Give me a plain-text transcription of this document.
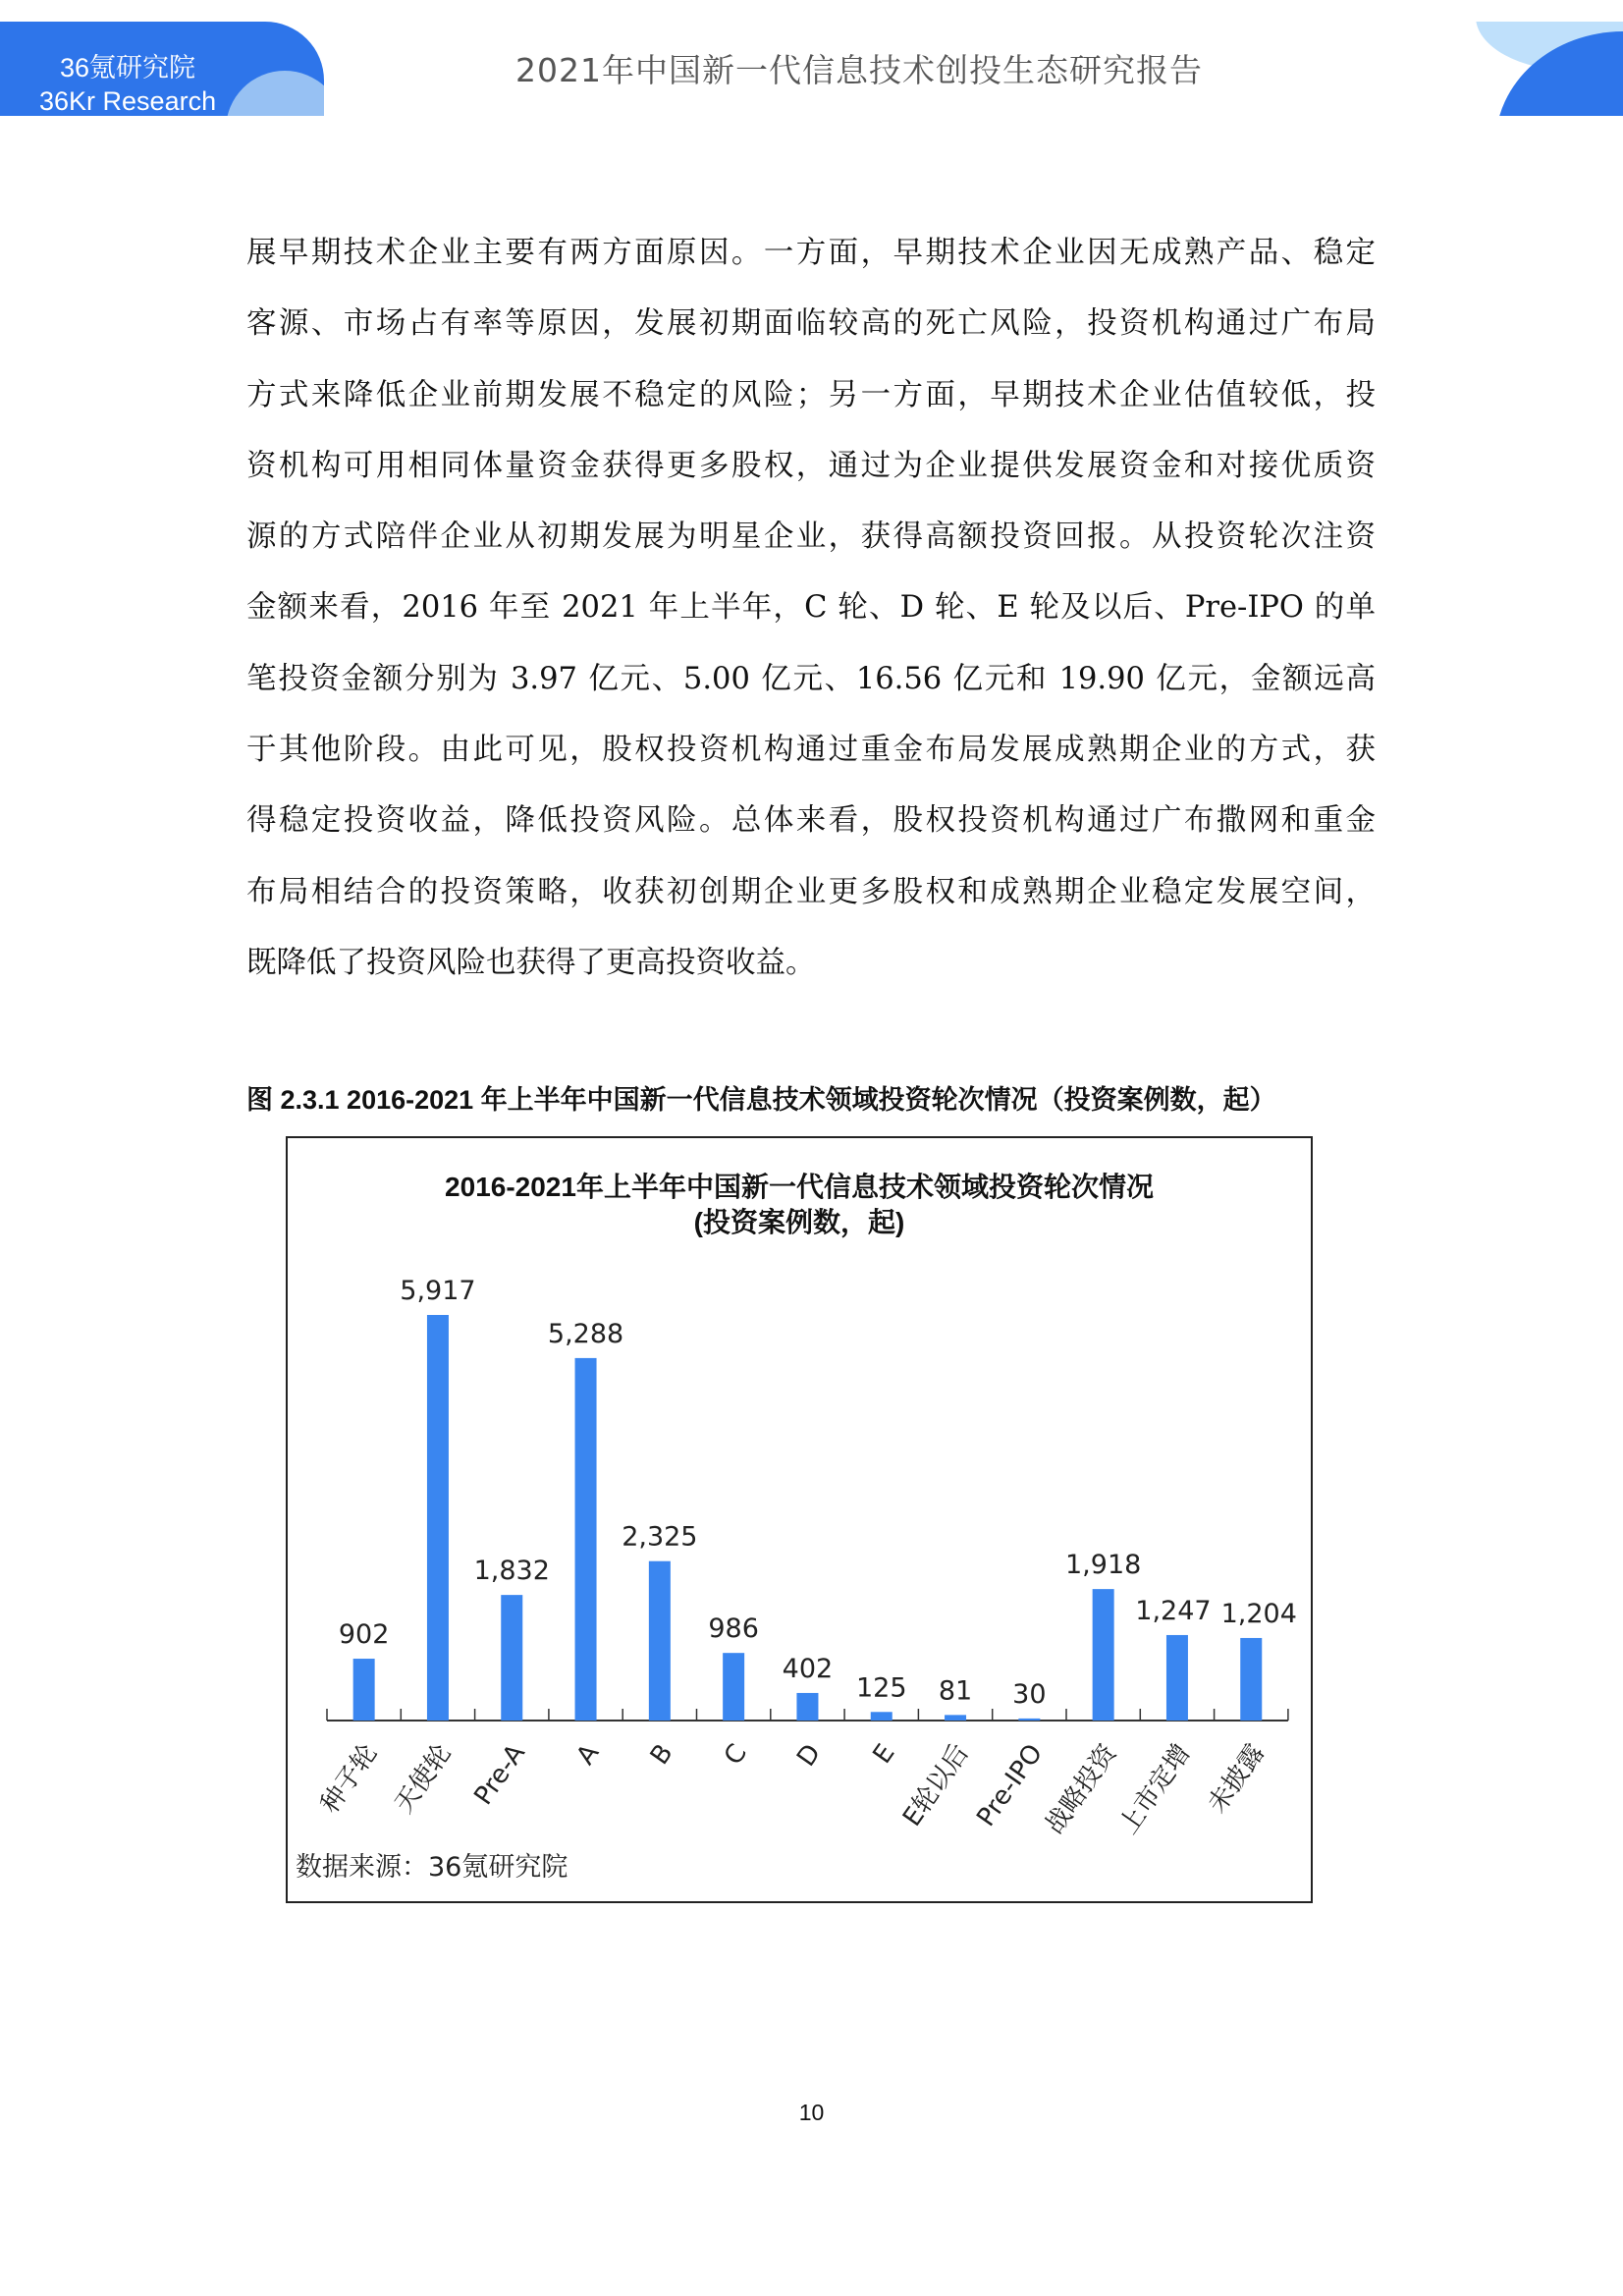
36氪研究院
36Kr Research
2021年中国新一代信息技术创投生态研究报告
展早期技术企业主要有两方面原因。一方面，早期技术企业因无成熟产品、稳定
客源、市场占有率等原因，发展初期面临较高的死亡风险，投资机构通过广布局
方式来降低企业前期发展不稳定的风险；另一方面，早期技术企业估值较低，投
资机构可用相同体量资金获得更多股权，通过为企业提供发展资金和对接优质资
源的方式陪伴企业从初期发展为明星企业，获得高额投资回报。从投资轮次注资
金额来看，2016 年至 2021 年上半年，C 轮、D 轮、E 轮及以后、Pre-IPO 的单
笔投资金额分别为 3.97 亿元、5.00 亿元、16.56 亿元和 19.90 亿元，金额远高
于其他阶段。由此可见，股权投资机构通过重金布局发展成熟期企业的方式，获
得稳定投资收益，降低投资风险。总体来看，股权投资机构通过广布撒网和重金
布局相结合的投资策略，收获初创期企业更多股权和成熟期企业稳定发展空间，
既降低了投资风险也获得了更高投资收益。
图 2.3.1 2016-2021 年上半年中国新一代信息技术领域投资轮次情况（投资案例数，起）
902
种子轮
5,917
天使轮
1,832
Pre-A
5,288
A
2,325
B
986
C
402
D
125
E
81
E轮以后
30
Pre-IPO
1,918
战略投资
1,247
上市定增
1,204
未披露
2016-2021年上半年中国新一代信息技术领域投资轮次情况
(投资案例数，起)
数据来源：36氪研究院
10
